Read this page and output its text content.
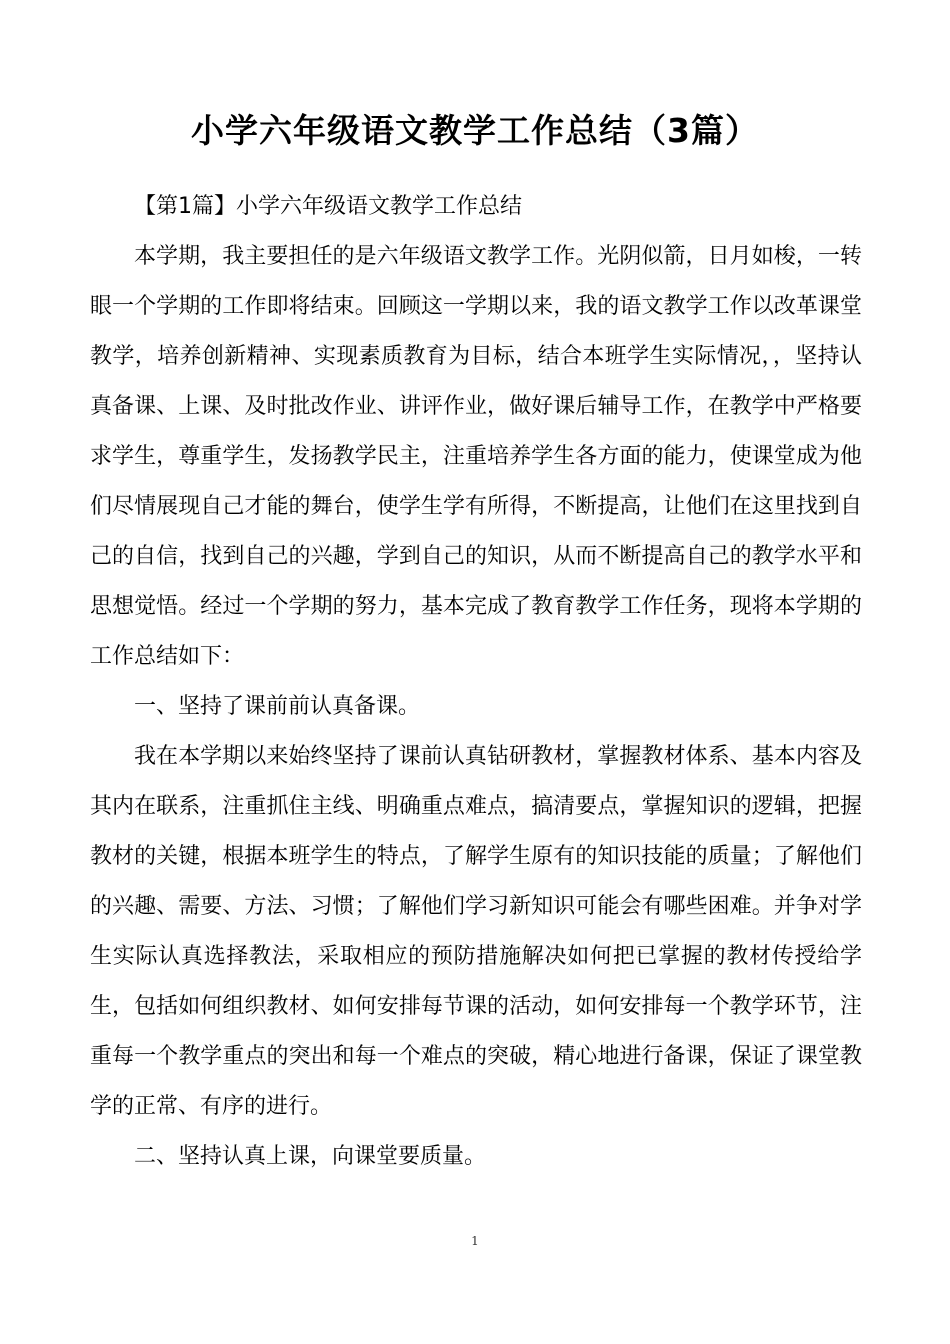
小学六年级语文教学工作总结（3篇）

【第1篇】小学六年级语文教学工作总结

本学期，我主要担任的是六年级语文教学工作。光阴似箭，日月如梭，一转眼一个学期的工作即将结束。回顾这一学期以来，我的语文教学工作以改革课堂教学，培养创新精神、实现素质教育为目标，结合本班学生实际情况，，坚持认真备课、上课、及时批改作业、讲评作业，做好课后辅导工作，在教学中严格要求学生，尊重学生，发扬教学民主，注重培养学生各方面的能力，使课堂成为他们尽情展现自己才能的舞台，使学生学有所得，不断提高，让他们在这里找到自己的自信，找到自己的兴趣，学到自己的知识，从而不断提高自己的教学水平和思想觉悟。经过一个学期的努力，基本完成了教育教学工作任务，现将本学期的工作总结如下：

一、坚持了课前前认真备课。

我在本学期以来始终坚持了课前认真钻研教材，掌握教材体系、基本内容及其内在联系，注重抓住主线、明确重点难点，搞清要点，掌握知识的逻辑，把握教材的关键，根据本班学生的特点，了解学生原有的知识技能的质量；了解他们的兴趣、需要、方法、习惯；了解他们学习新知识可能会有哪些困难。并争对学生实际认真选择教法，采取相应的预防措施解决如何把已掌握的教材传授给学生，包括如何组织教材、如何安排每节课的活动，如何安排每一个教学环节，注重每一个教学重点的突出和每一个难点的突破，精心地进行备课，保证了课堂教学的正常、有序的进行。

二、坚持认真上课，向课堂要质量。

1
